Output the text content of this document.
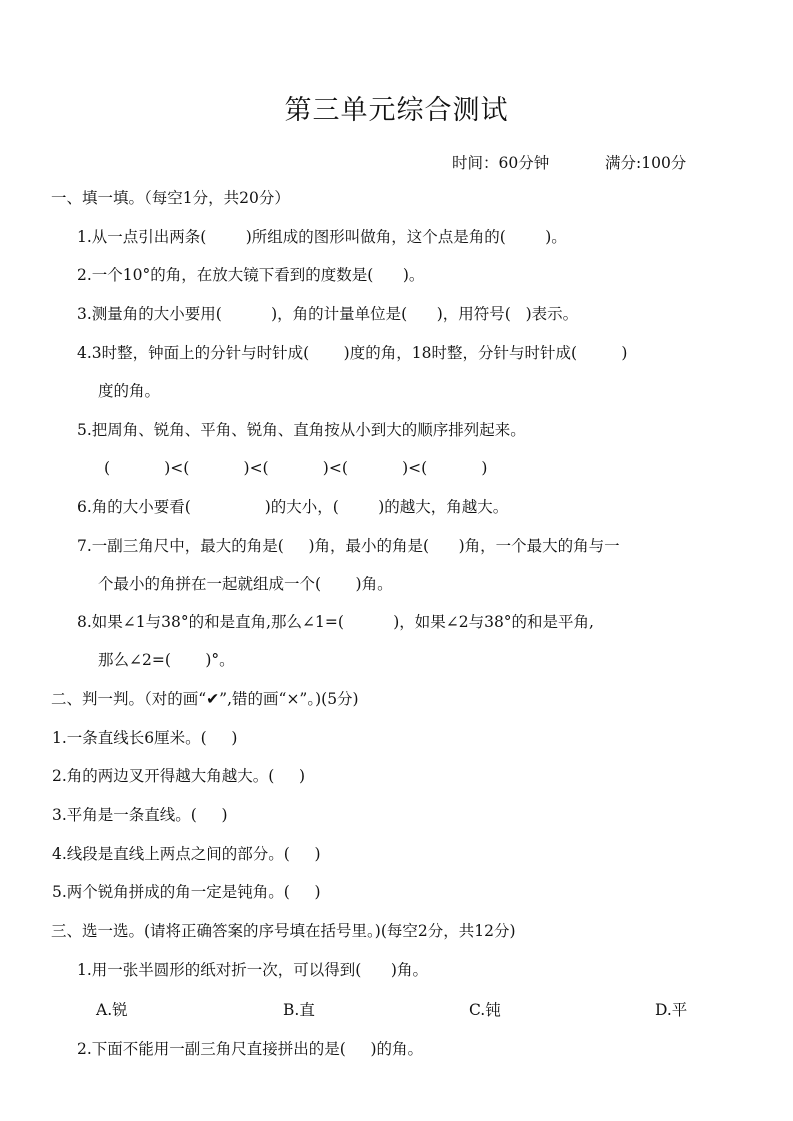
第三单元综合测试
时间：60分钟	满分:100分
一、填一填。（每空1分，共20分）
1.从一点引出两条(        )所组成的图形叫做角，这个点是角的(        )。
2.一个10°的角，在放大镜下看到的度数是(      )。
3.测量角的大小要用(          )，角的计量单位是(      )，用符号(   )表示。
4.3时整，钟面上的分针与时针成(       )度的角，18时整，分针与时针成(         )
度的角。
5.把周角、锐角、平角、锐角、直角按从小到大的顺序排列起来。
(           )<(           )<(           )<(           )<(           )
6.角的大小要看(               )的大小，(        )的越大，角越大。
7.一副三角尺中，最大的角是(     )角，最小的角是(      )角，一个最大的角与一
个最小的角拼在一起就组成一个(       )角。
8.如果∠1与38°的和是直角,那么∠1=(          )，如果∠2与38°的和是平角,
那么∠2=(       )°。
二、判一判。（对的画“✔”,错的画“×”。)(5分)
1.一条直线长6厘米。(     )
2.角的两边叉开得越大角越大。(     )
3.平角是一条直线。(     )
4.线段是直线上两点之间的部分。(     )
5.两个锐角拼成的角一定是钝角。(     )
三、选一选。(请将正确答案的序号填在括号里。)(每空2分，共12分)
1.用一张半圆形的纸对折一次，可以得到(      )角。
A.锐	B.直	C.钝	D.平
2.下面不能用一副三角尺直接拼出的是(     )的角。
